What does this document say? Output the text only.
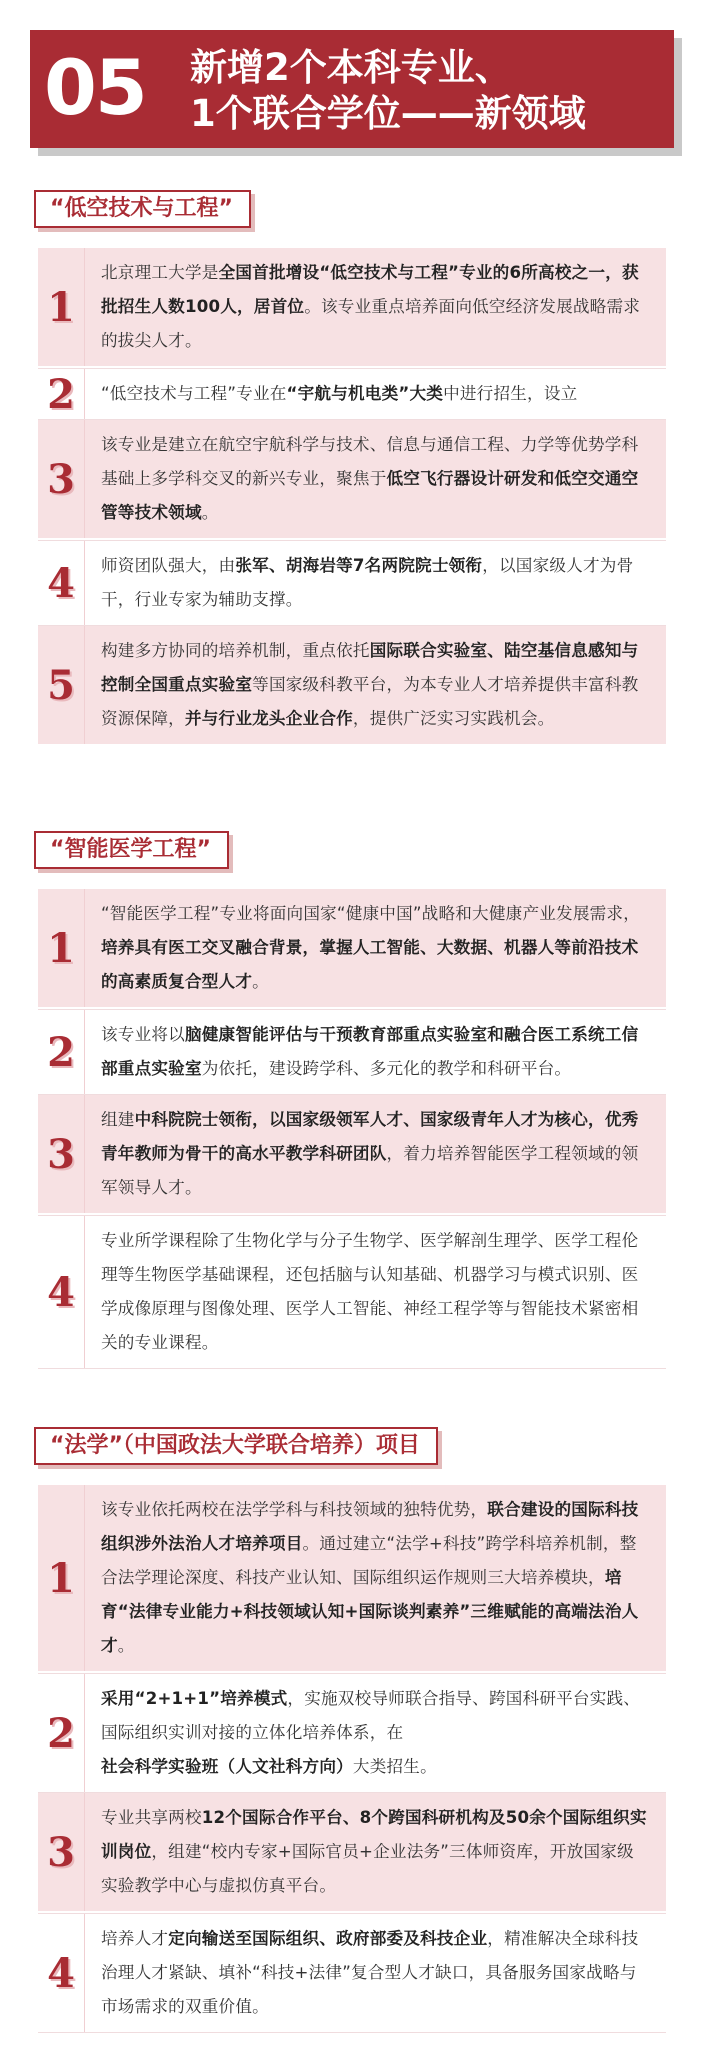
05 新增2个本科专业、
1个联合学位——新领域
“低空技术与工程”
1
北京理工大学是全国首批增设“低空技术与工程”专业的6所高校之一，获批招生人数100人，居首位。该专业重点培养面向低空经济发展战略需求的拔尖人才。
2	“低空技术与工程”专业在“宇航与机电类”大类中进行招生，设立
3
该专业是建立在航空宇航科学与技术、信息与通信工程、力学等优势学科基础上多学科交叉的新兴专业，聚焦于低空飞行器设计研发和低空交通空管等技术领域。
4	师资团队强大，由张军、胡海岩等7名两院院士领衔，以国家级人才为骨干，行业专家为辅助支撑。
5
构建多方协同的培养机制，重点依托国际联合实验室、陆空基信息感知与控制全国重点实验室等国家级科教平台，为本专业人才培养提供丰富科教资源保障，并与行业龙头企业合作，提供广泛实习实践机会。
“智能医学工程”
1
“智能医学工程”专业将面向国家“健康中国”战略和大健康产业发展需求，培养具有医工交叉融合背景，掌握人工智能、大数据、机器人等前沿技术的高素质复合型人才。
2	该专业将以脑健康智能评估与干预教育部重点实验室和融合医工系统工信部重点实验室为依托，建设跨学科、多元化的教学和科研平台。
3
组建中科院院士领衔，以国家级领军人才、国家级青年人才为核心，优秀青年教师为骨干的高水平教学科研团队，着力培养智能医学工程领域的领军领导人才。
4
专业所学课程除了生物化学与分子生物学、医学解剖生理学、医学工程伦理等生物医学基础课程，还包括脑与认知基础、机器学习与模式识别、医学成像原理与图像处理、医学人工智能、神经工程学等与智能技术紧密相关的专业课程。
“法学”（中国政法大学联合培养）项目
1
该专业依托两校在法学学科与科技领域的独特优势，联合建设的国际科技组织涉外法治人才培养项目。通过建立“法学+科技”跨学科培养机制，整合法学理论深度、科技产业认知、国际组织运作规则三大培养模块，培育“法律专业能力+科技领域认知+国际谈判素养”三维赋能的高端法治人才。
2
采用“2+1+1”培养模式，实施双校导师联合指导、跨国科研平台实践、国际组织实训对接的立体化培养体系，在社会科学实验班（人文社科方向）大类招生。
3
专业共享两校12个国际合作平台、8个跨国科研机构及50余个国际组织实训岗位，组建“校内专家+国际官员+企业法务”三体师资库，开放国家级实验教学中心与虚拟仿真平台。
4
培养人才定向输送至国际组织、政府部委及科技企业，精准解决全球科技治理人才紧缺、填补“科技+法律”复合型人才缺口，具备服务国家战略与市场需求的双重价值。
